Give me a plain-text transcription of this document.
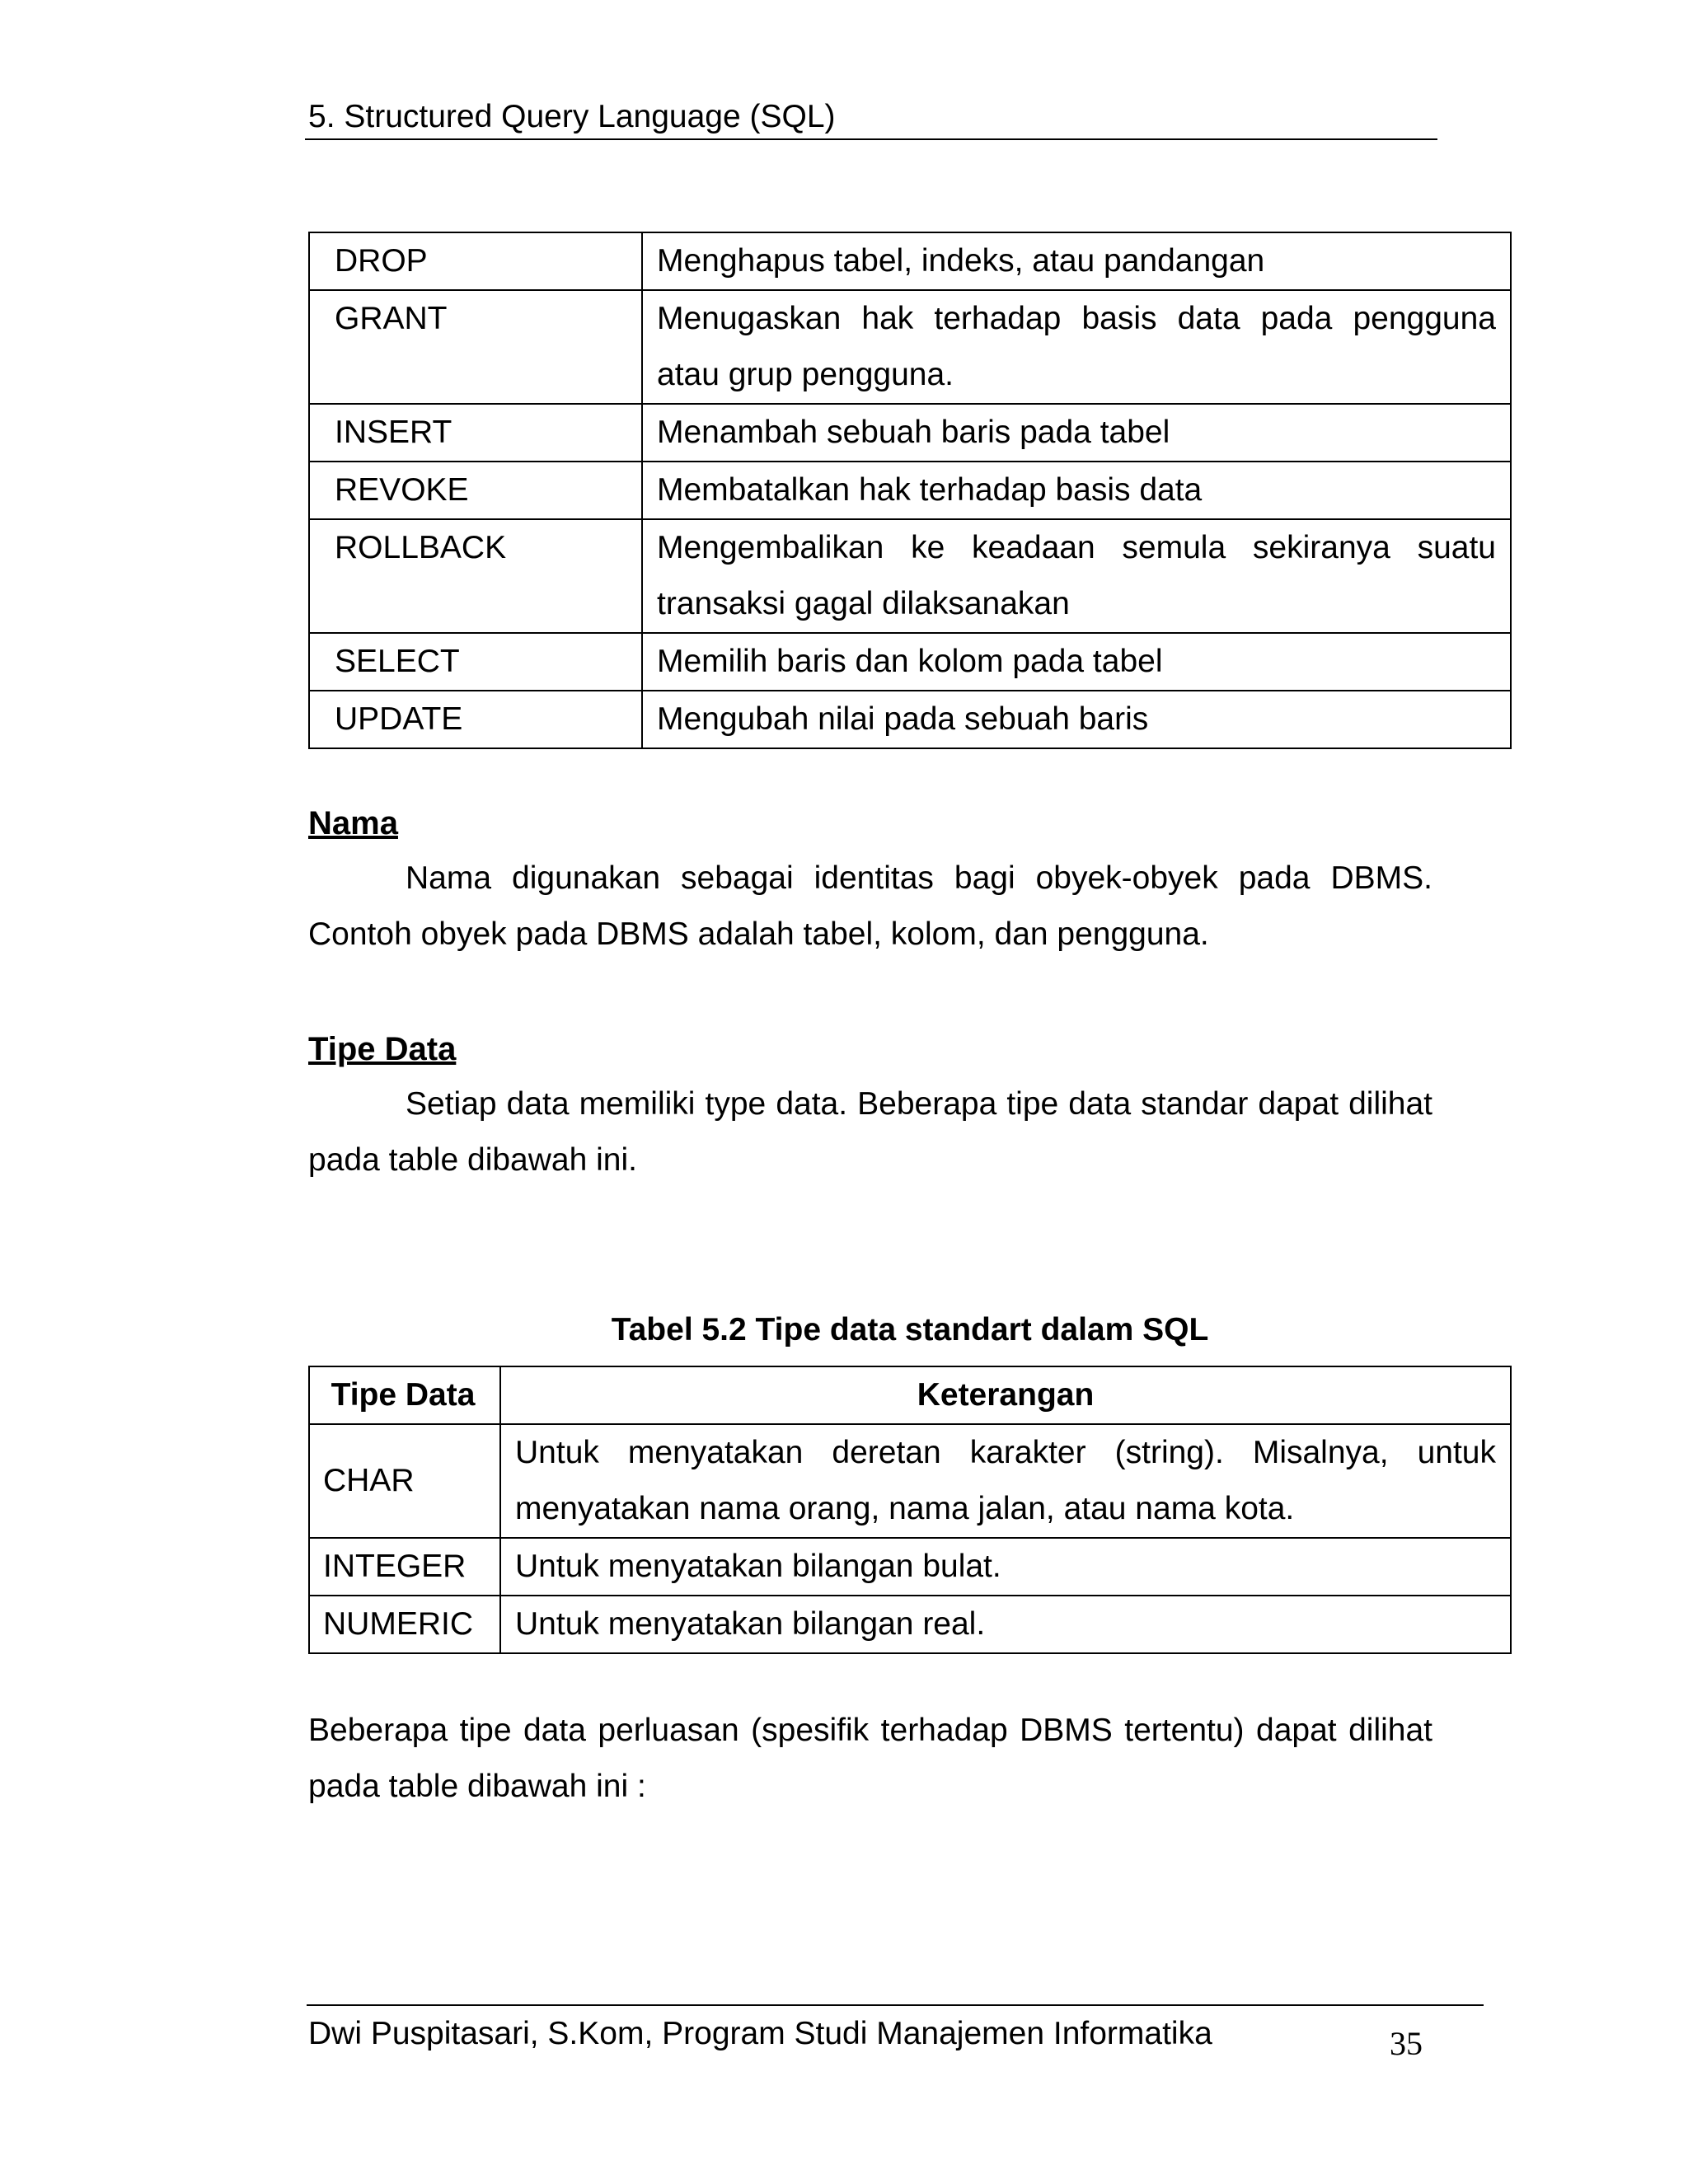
5. Structured Query Language (SQL)
DROP	Menghapus tabel, indeks, atau pandangan
GRANT	Menugaskan hak terhadap basis data pada pengguna atau grup pengguna.
INSERT	Menambah sebuah baris pada tabel
REVOKE	Membatalkan hak terhadap basis data
ROLLBACK	Mengembalikan ke keadaan semula sekiranya suatu transaksi gagal dilaksanakan
SELECT	Memilih baris dan kolom pada tabel
UPDATE	Mengubah nilai pada sebuah baris
Nama
Nama digunakan sebagai identitas bagi obyek-obyek pada DBMS. Contoh obyek pada DBMS adalah tabel, kolom, dan pengguna.
Tipe Data
Setiap data memiliki type data. Beberapa tipe data standar dapat dilihat pada table dibawah ini.
Tabel 5.2 Tipe data standart dalam SQL
Tipe Data	Keterangan
CHAR	Untuk menyatakan deretan karakter (string). Misalnya, untuk menyatakan nama orang, nama jalan, atau nama kota.
INTEGER	Untuk menyatakan bilangan bulat.
NUMERIC	Untuk menyatakan bilangan real.
Beberapa tipe data perluasan (spesifik terhadap DBMS tertentu) dapat dilihat pada table dibawah ini :
Dwi Puspitasari, S.Kom, Program Studi Manajemen Informatika	35
